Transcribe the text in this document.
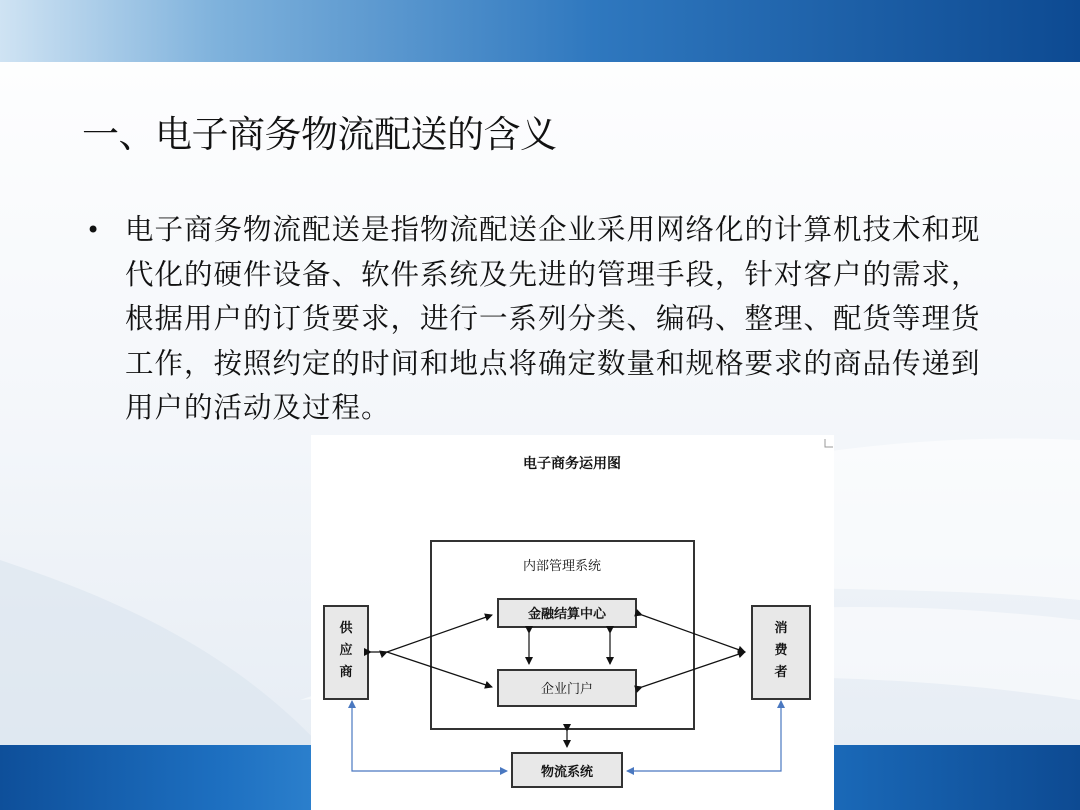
一、电子商务物流配送的含义
• 电子商务物流配送是指物流配送企业采用网络化的计算机技术和现代化的硬件设备、软件系统及先进的管理手段，针对客户的需求，根据用户的订货要求，进行一系列分类、编码、整理、配货等理货工作，按照约定的时间和地点将确定数量和规格要求的商品传递到用户的活动及过程。
电子商务运用图
内部管理系统
金融结算中心
企业门户
供
应
商
消
费
者
物流系统
